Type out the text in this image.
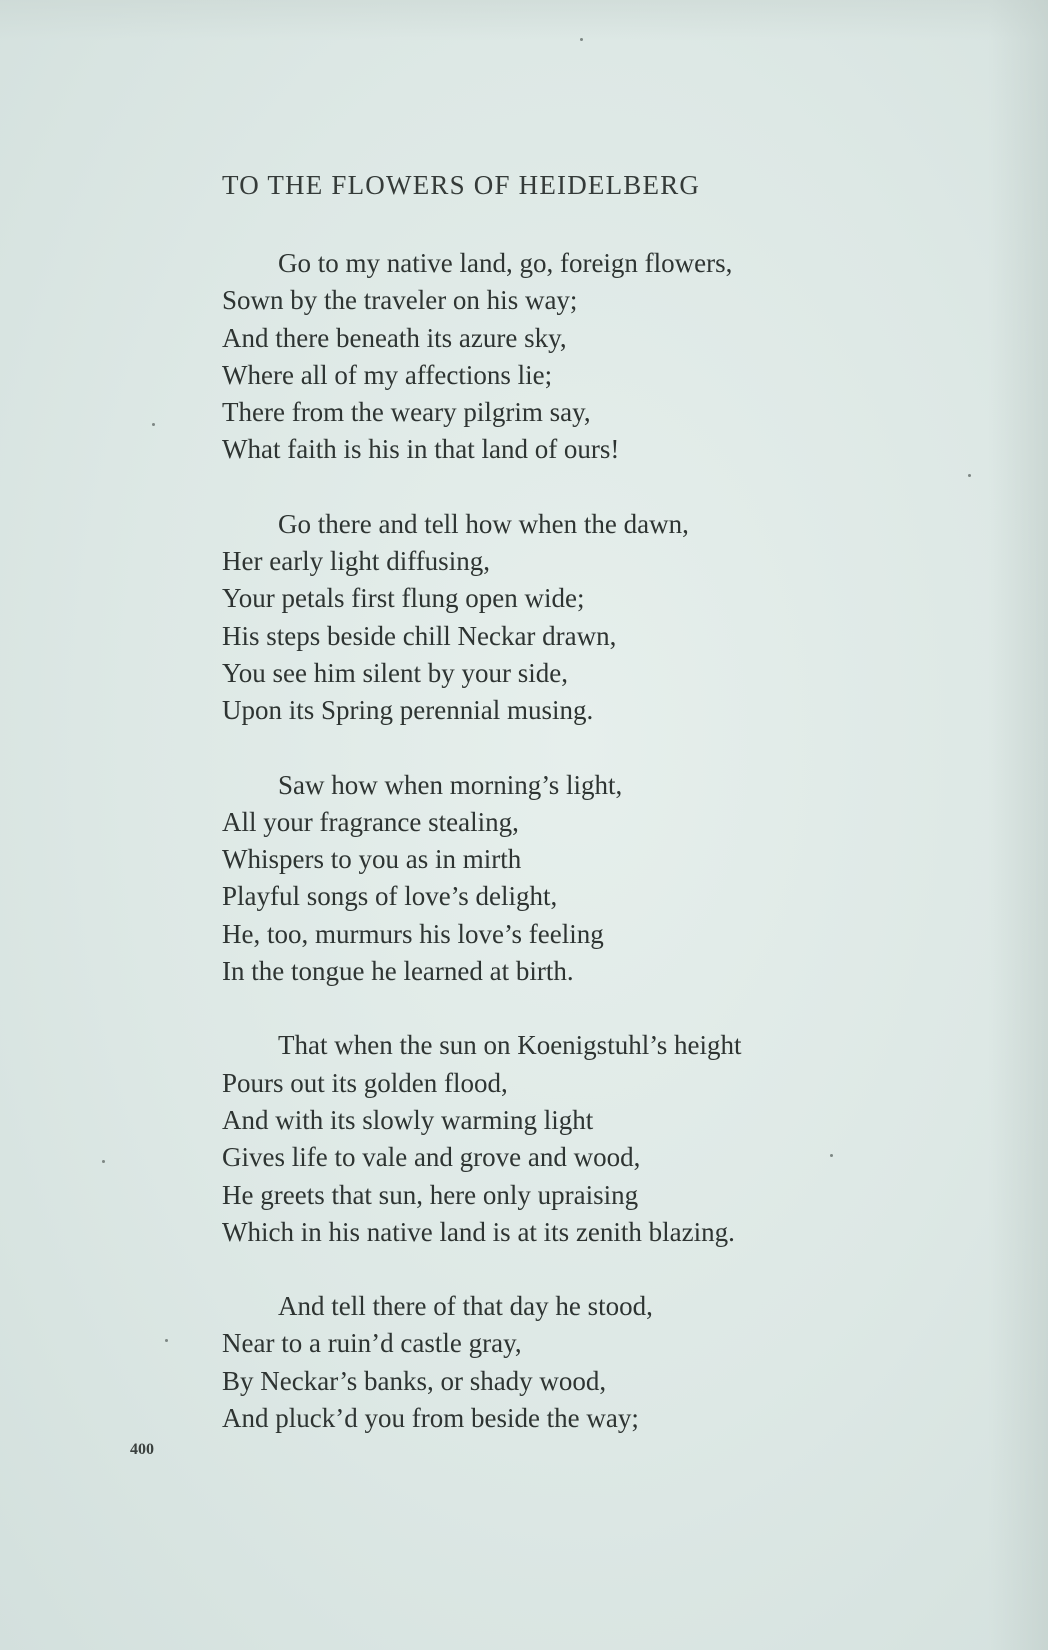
TO THE FLOWERS OF HEIDELBERG
Go to my native land, go, foreign flowers,
Sown by the traveler on his way;
And there beneath its azure sky,
Where all of my affections lie;
There from the weary pilgrim say,
What faith is his in that land of ours!
Go there and tell how when the dawn,
Her early light diffusing,
Your petals first flung open wide;
His steps beside chill Neckar drawn,
You see him silent by your side,
Upon its Spring perennial musing.
Saw how when morning’s light,
All your fragrance stealing,
Whispers to you as in mirth
Playful songs of love’s delight,
He, too, murmurs his love’s feeling
In the tongue he learned at birth.
That when the sun on Koenigstuhl’s height
Pours out its golden flood,
And with its slowly warming light
Gives life to vale and grove and wood,
He greets that sun, here only upraising
Which in his native land is at its zenith blazing.
And tell there of that day he stood,
Near to a ruin’d castle gray,
By Neckar’s banks, or shady wood,
And pluck’d you from beside the way;
400
